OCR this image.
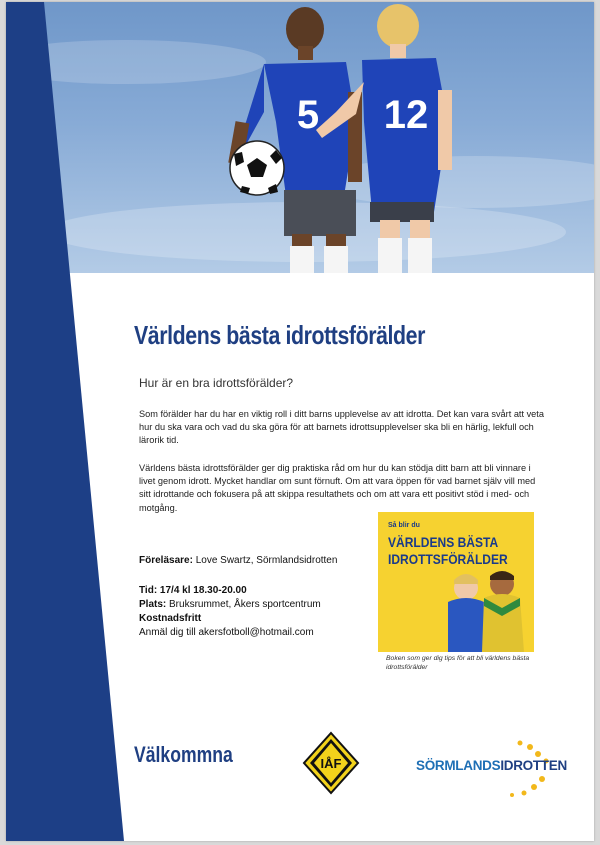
5 12
Världens bästa idrottsförälder
Hur är en bra idrottsförälder?
Som förälder har du har en viktig roll i ditt barns upplevelse av att idrotta. Det kan vara svårt att veta hur du ska vara och vad du ska göra för att barnets idrottsupplevelser ska bli en härlig, lekfull och lärorik tid.
Världens bästa idrottsförälder ger dig praktiska råd om hur du kan stödja ditt barn att bli vinnare i livet genom idrott. Mycket handlar om sunt förnuft. Om att vara öppen för vad barnet själv vill med sitt idrottande och fokusera på att skippa resultathets och om att vara ett positivt stöd i med- och motgång.
Föreläsare: Love Swartz, Sörmlandsidrotten
Tid: 17/4 kl 18.30-20.00
Plats: Bruksrummet, Åkers sportcentrum
Kostnadsfritt
Anmäl dig till akersfotboll@hotmail.com
Så blir du
VÄRLDENS BÄSTA
IDROTTSFÖRÄLDER
Boken som ger dig tips för att bli världens bästa idrottsförälder
Välkommna	IÅF	SÖRMLANDSIDROTTEN
